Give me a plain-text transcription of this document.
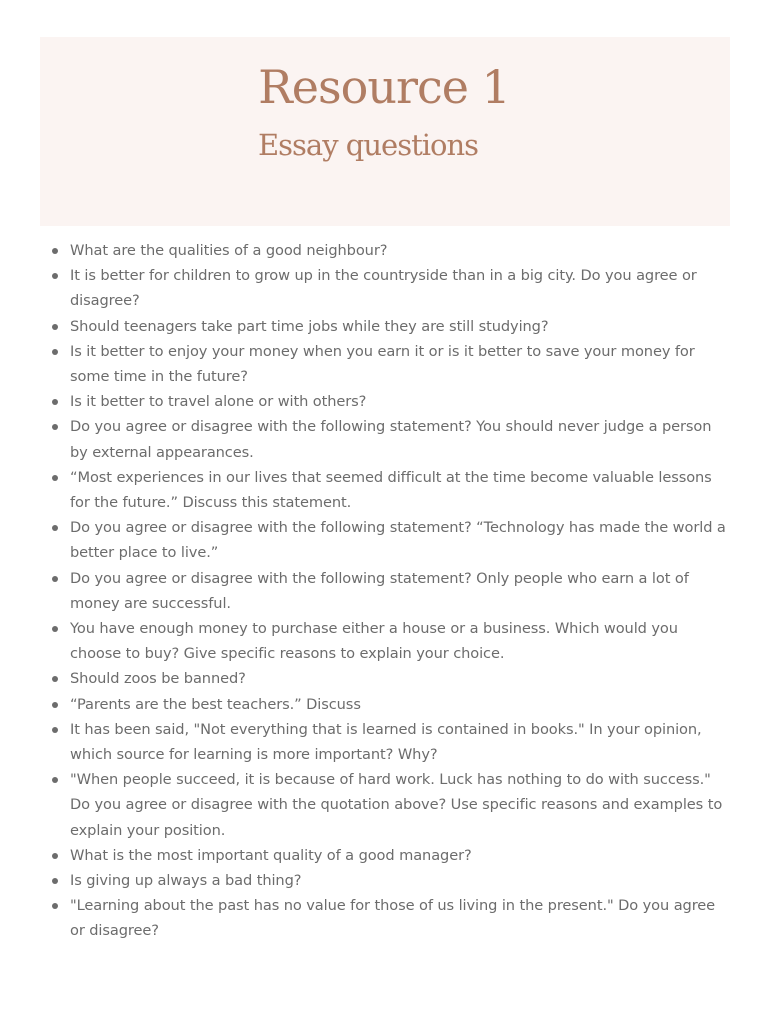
Resource 1
Essay questions
What are the qualities of a good neighbour?
It is better for children to grow up in the countryside than in a big city. Do you agree or disagree?
Should teenagers take part time jobs while they are still studying?
Is it better to enjoy your money when you earn it or is it better to save your money for some time in the future?
Is it better to travel alone or with others?
Do you agree or disagree with the following statement? You should never judge a person by external appearances.
“Most experiences in our lives that seemed difficult at the time become valuable lessons for the future.” Discuss this statement.
Do you agree or disagree with the following statement? “Technology has made the world a better place to live.”
Do you agree or disagree with the following statement? Only people who earn a lot of money are successful.
You have enough money to purchase either a house or a business. Which would you choose to buy? Give specific reasons to explain your choice.
Should zoos be banned?
“Parents are the best teachers.” Discuss
It has been said, "Not everything that is learned is contained in books." In your opinion, which source for learning is more important? Why?
"When people succeed, it is because of hard work. Luck has nothing to do with success." Do you agree or disagree with the quotation above? Use specific reasons and examples to explain your position.
What is the most important quality of a good manager?
Is giving up always a bad thing?
"Learning about the past has no value for those of us living in the present." Do you agree or disagree?
